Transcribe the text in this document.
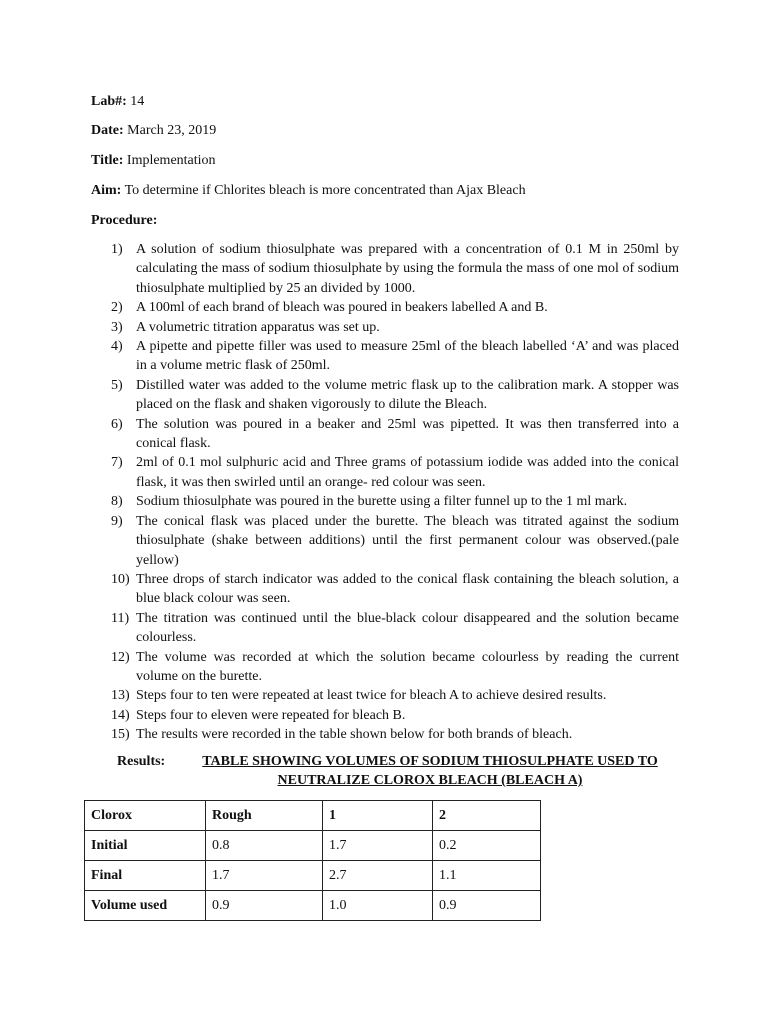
Lab#: 14
Date: March 23, 2019
Title: Implementation
Aim: To determine if Chlorites bleach is more concentrated than Ajax Bleach
Procedure:
1) A solution of sodium thiosulphate was prepared with a concentration of 0.1 M in 250ml by calculating the mass of sodium thiosulphate by using the formula the mass of one mol of sodium thiosulphate multiplied by 25 an divided by 1000.
2) A 100ml of each brand of bleach was poured in beakers labelled A and B.
3) A volumetric titration apparatus was set up.
4) A pipette and pipette filler was used to measure 25ml of the bleach labelled ‘A’ and was placed in a volume metric flask of 250ml.
5) Distilled water was added to the volume metric flask up to the calibration mark. A stopper was placed on the flask and shaken vigorously to dilute the Bleach.
6) The solution was poured in a beaker and 25ml was pipetted. It was then transferred into a conical flask.
7) 2ml of 0.1 mol sulphuric acid and Three grams of potassium iodide was added into the conical flask, it was then swirled until an orange- red colour was seen.
8) Sodium thiosulphate was poured in the burette using a filter funnel up to the 1 ml mark.
9) The conical flask was placed under the burette. The bleach was titrated against the sodium thiosulphate (shake between additions) until the first permanent colour was observed.(pale yellow)
10) Three drops of starch indicator was added to the conical flask containing the bleach solution, a blue black colour was seen.
11) The titration was continued until the blue-black colour disappeared and the solution became colourless.
12) The volume was recorded at which the solution became colourless by reading the current volume on the burette.
13) Steps four to ten were repeated at least twice for bleach A to achieve desired results.
14) Steps four to eleven were repeated for bleach B.
15) The results were recorded in the table shown below for both brands of bleach.
Results:	TABLE SHOWING VOLUMES OF SODIUM THIOSULPHATE USED TO NEUTRALIZE CLOROX BLEACH (BLEACH A)
Clorox	Rough	1	2
Initial	0.8	1.7	0.2
Final	1.7	2.7	1.1
Volume used	0.9	1.0	0.9
